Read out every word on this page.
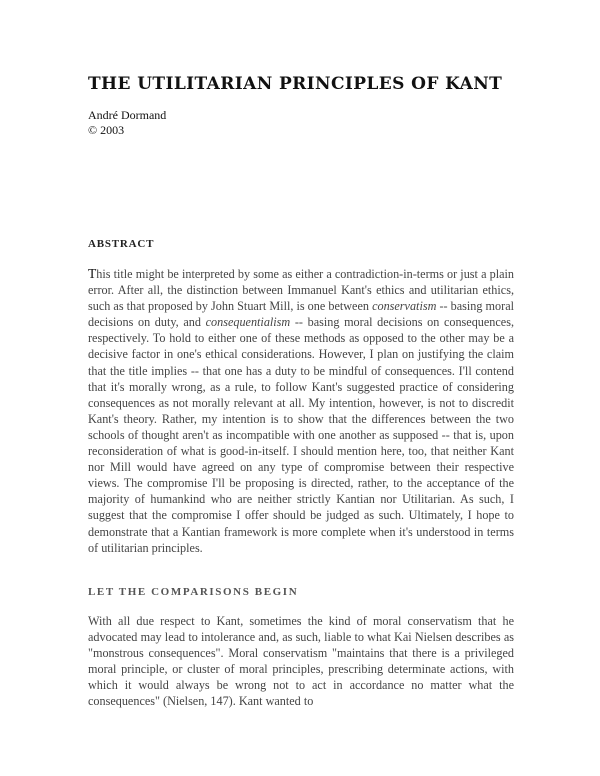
THE UTILITARIAN PRINCIPLES OF KANT
André Dormand
© 2003
ABSTRACT

This title might be interpreted by some as either a contradiction-in-terms or just a plain error. After all, the distinction between Immanuel Kant's ethics and utilitarian ethics, such as that proposed by John Stuart Mill, is one between conservatism -- basing moral decisions on duty, and consequentialism -- basing moral decisions on consequences, respectively. To hold to either one of these methods as opposed to the other may be a decisive factor in one's ethical considerations. However, I plan on justifying the claim that the title implies -- that one has a duty to be mindful of consequences. I'll contend that it's morally wrong, as a rule, to follow Kant's suggested practice of considering consequences as not morally relevant at all. My intention, however, is not to discredit Kant's theory. Rather, my intention is to show that the differences between the two schools of thought aren't as incompatible with one another as supposed -- that is, upon reconsideration of what is good-in-itself. I should mention here, too, that neither Kant nor Mill would have agreed on any type of compromise between their respective views. The compromise I'll be proposing is directed, rather, to the acceptance of the majority of humankind who are neither strictly Kantian nor Utilitarian. As such, I suggest that the compromise I offer should be judged as such. Ultimately, I hope to demonstrate that a Kantian framework is more complete when it's understood in terms of utilitarian principles.

LET THE COMPARISONS BEGIN

With all due respect to Kant, sometimes the kind of moral conservatism that he advocated may lead to intolerance and, as such, liable to what Kai Nielsen describes as "monstrous consequences". Moral conservatism "maintains that there is a privileged moral principle, or cluster of moral principles, prescribing determinate actions, with which it would always be wrong not to act in accordance no matter what the consequences" (Nielsen, 147). Kant wanted to
